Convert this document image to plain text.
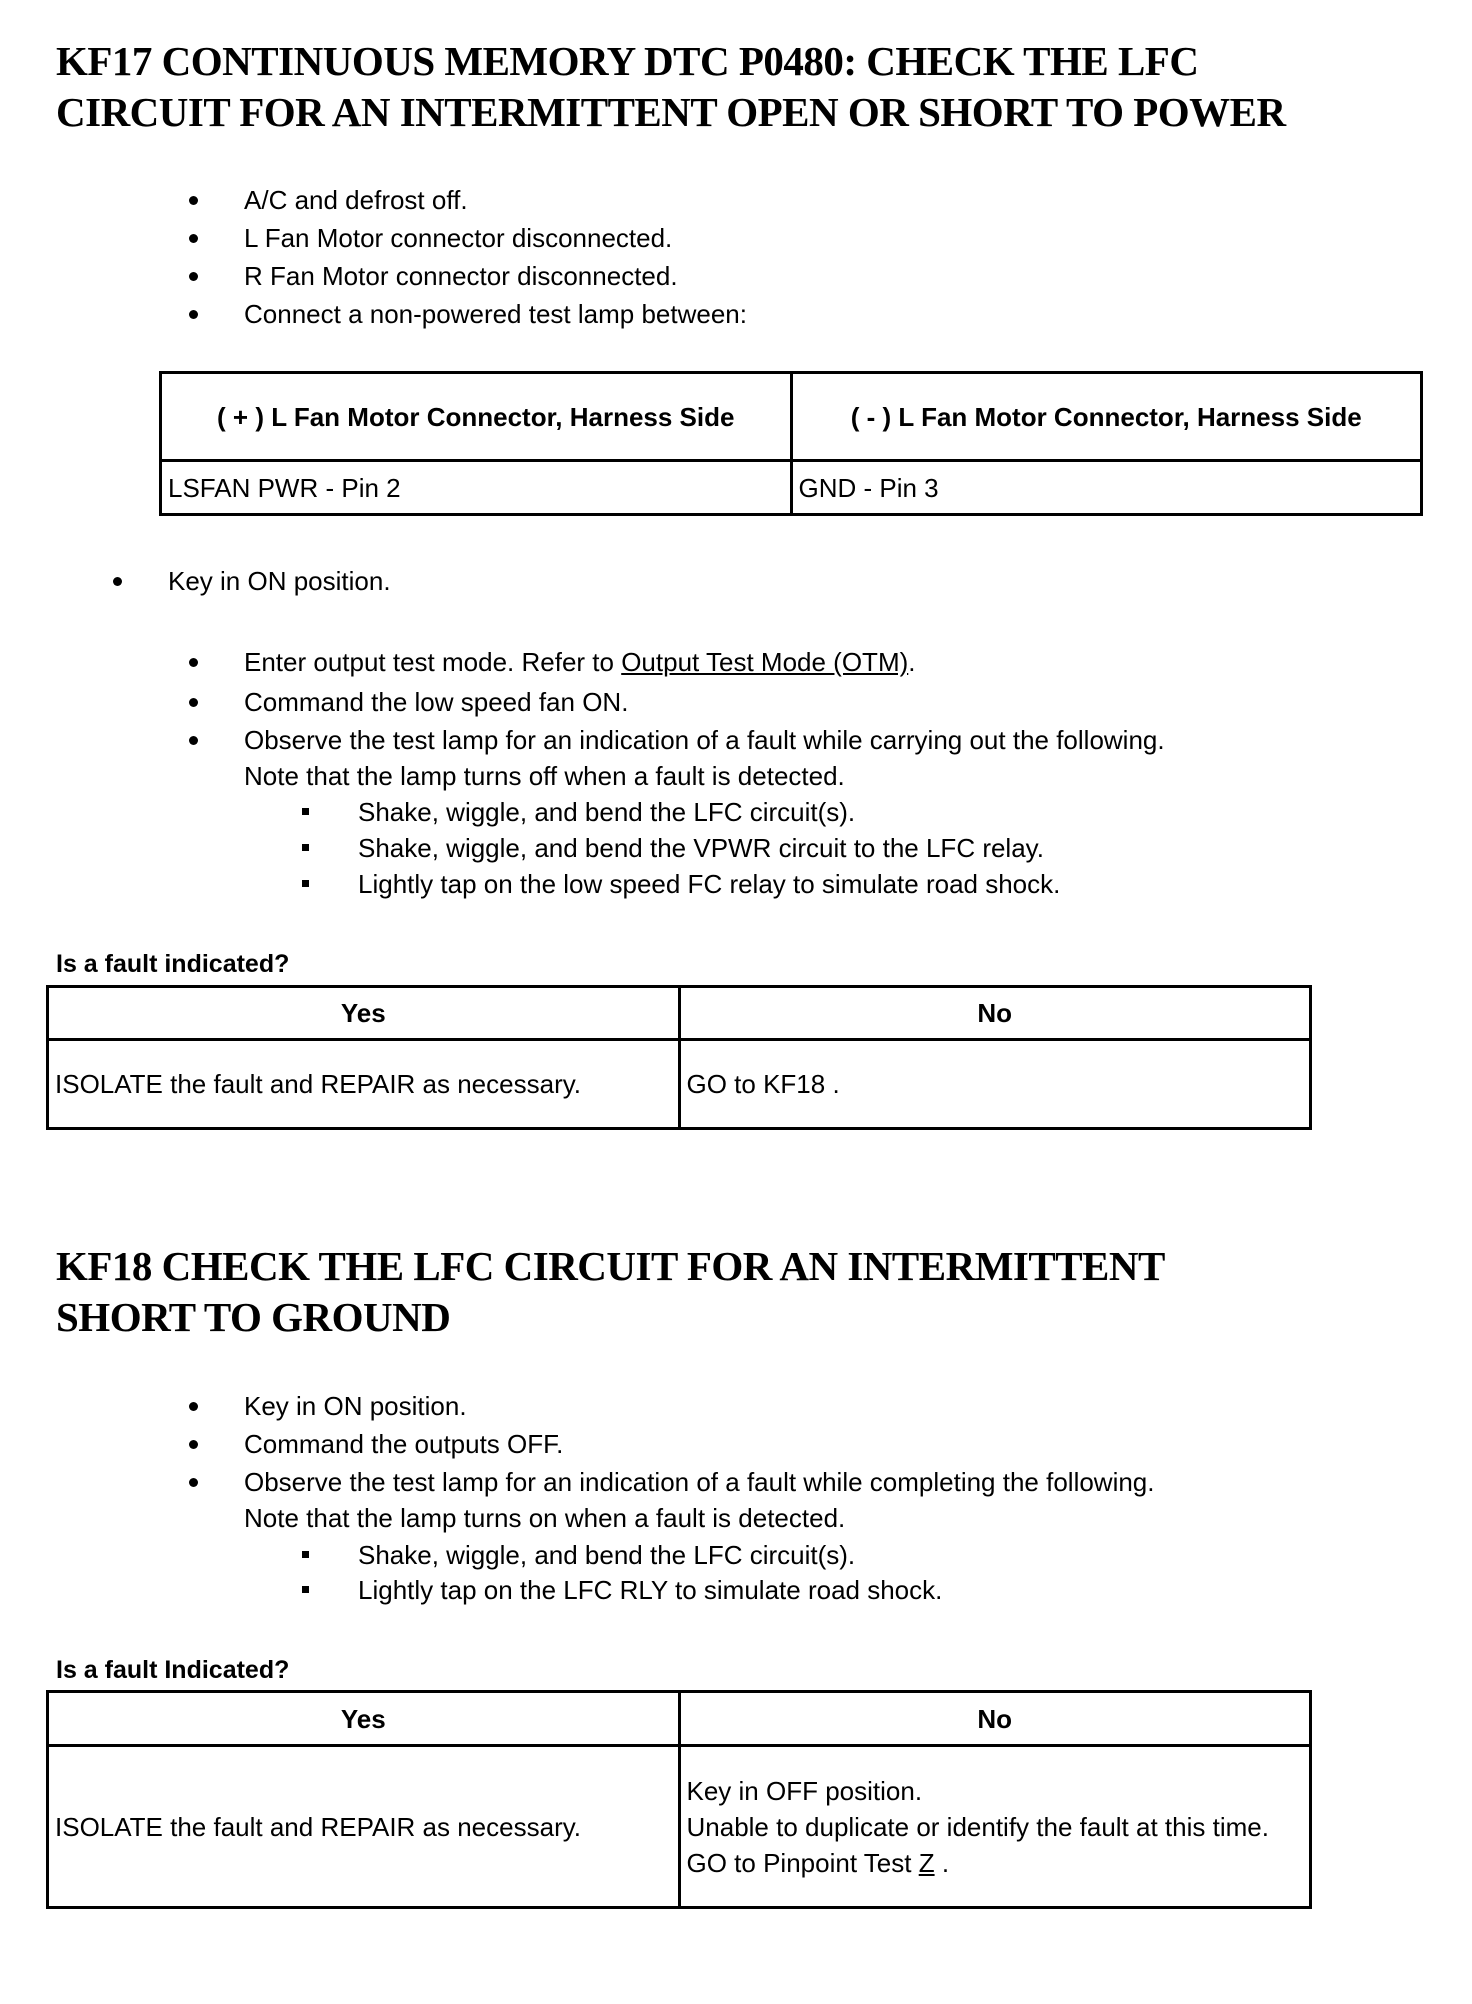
KF17 CONTINUOUS MEMORY DTC P0480: CHECK THE LFC
CIRCUIT FOR AN INTERMITTENT OPEN OR SHORT TO POWER
A/C and defrost off.
L Fan Motor connector disconnected.
R Fan Motor connector disconnected.
Connect a non-powered test lamp between:
( + ) L Fan Motor Connector, Harness Side	( - ) L Fan Motor Connector, Harness Side
LSFAN PWR - Pin 2	GND - Pin 3
Key in ON position.
Enter output test mode. Refer to Output Test Mode (OTM).
Command the low speed fan ON.
Observe the test lamp for an indication of a fault while carrying out the following.
Note that the lamp turns off when a fault is detected.
Shake, wiggle, and bend the LFC circuit(s).
Shake, wiggle, and bend the VPWR circuit to the LFC relay.
Lightly tap on the low speed FC relay to simulate road shock.
Is a fault indicated?
Yes	No
ISOLATE the fault and REPAIR as necessary.	GO to KF18 .
KF18 CHECK THE LFC CIRCUIT FOR AN INTERMITTENT
SHORT TO GROUND
Key in ON position.
Command the outputs OFF.
Observe the test lamp for an indication of a fault while completing the following.
Note that the lamp turns on when a fault is detected.
Shake, wiggle, and bend the LFC circuit(s).
Lightly tap on the LFC RLY to simulate road shock.
Is a fault Indicated?
Yes	No
ISOLATE the fault and REPAIR as necessary.	Key in OFF position.
Unable to duplicate or identify the fault at this time.
GO to Pinpoint Test Z .
